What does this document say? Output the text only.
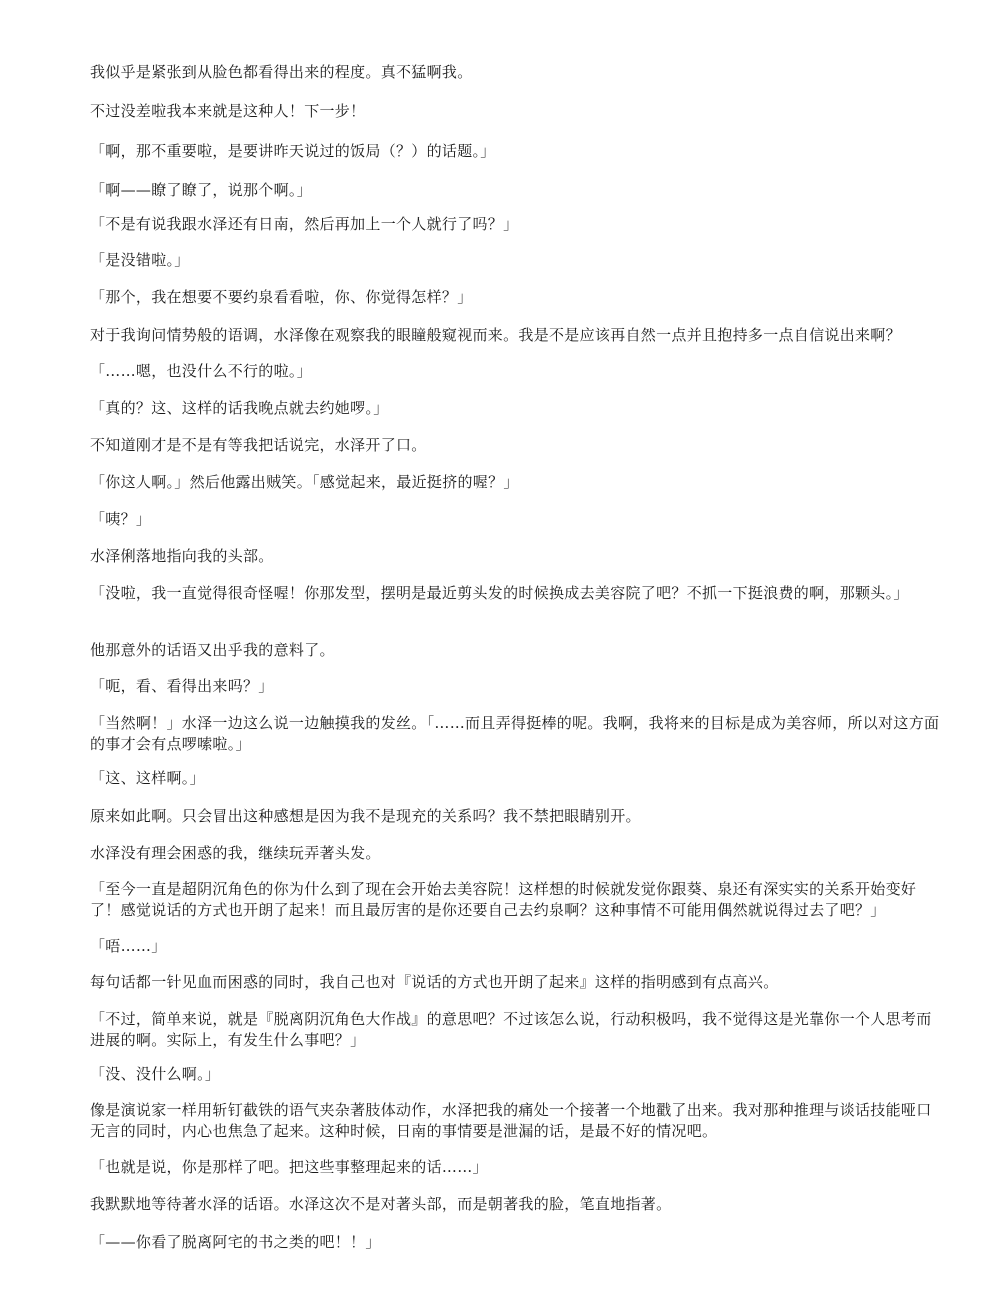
我似乎是紧张到从脸色都看得出来的程度。真不猛啊我。

不过没差啦我本来就是这种人！下一步！

「啊，那不重要啦，是要讲昨天说过的饭局（？）的话题。」

「啊——瞭了瞭了，说那个啊。」

「不是有说我跟水泽还有日南，然后再加上一个人就行了吗？」

「是没错啦。」

「那个，我在想要不要约泉看看啦，你、你觉得怎样？」

对于我询问情势般的语调，水泽像在观察我的眼瞳般窥视而来。我是不是应该再自然一点并且抱持多一点自信说出来啊？

「……嗯，也没什么不行的啦。」

「真的？这、这样的话我晚点就去约她啰。」

不知道刚才是不是有等我把话说完，水泽开了口。

「你这人啊。」然后他露出贼笑。「感觉起来，最近挺挤的喔？」

「咦？」

水泽俐落地指向我的头部。

「没啦，我一直觉得很奇怪喔！你那发型，摆明是最近剪头发的时候换成去美容院了吧？不抓一下挺浪费的啊，那颗头。」

他那意外的话语又出乎我的意料了。

「呃，看、看得出来吗？」

「当然啊！」水泽一边这么说一边触摸我的发丝。「……而且弄得挺棒的呢。我啊，我将来的目标是成为美容师，所以对这方面的事才会有点啰嗦啦。」

「这、这样啊。」

原来如此啊。只会冒出这种感想是因为我不是现充的关系吗？我不禁把眼睛别开。

水泽没有理会困惑的我，继续玩弄著头发。

「至今一直是超阴沉角色的你为什么到了现在会开始去美容院！这样想的时候就发觉你跟葵、泉还有深实实的关系开始变好了！感觉说话的方式也开朗了起来！而且最厉害的是你还要自己去约泉啊？这种事情不可能用偶然就说得过去了吧？」

「唔……」

每句话都一针见血而困惑的同时，我自己也对『说话的方式也开朗了起来』这样的指明感到有点高兴。

「不过，简单来说，就是『脱离阴沉角色大作战』的意思吧？不过该怎么说，行动积极吗，我不觉得这是光靠你一个人思考而进展的啊。实际上，有发生什么事吧？」

「没、没什么啊。」

像是演说家一样用斩钉截铁的语气夹杂著肢体动作，水泽把我的痛处一个接著一个地戳了出来。我对那种推理与谈话技能哑口无言的同时，内心也焦急了起来。这种时候，日南的事情要是泄漏的话，是最不好的情况吧。

「也就是说，你是那样了吧。把这些事整理起来的话……」

我默默地等待著水泽的话语。水泽这次不是对著头部，而是朝著我的脸，笔直地指著。

「——你看了脱离阿宅的书之类的吧！！」
